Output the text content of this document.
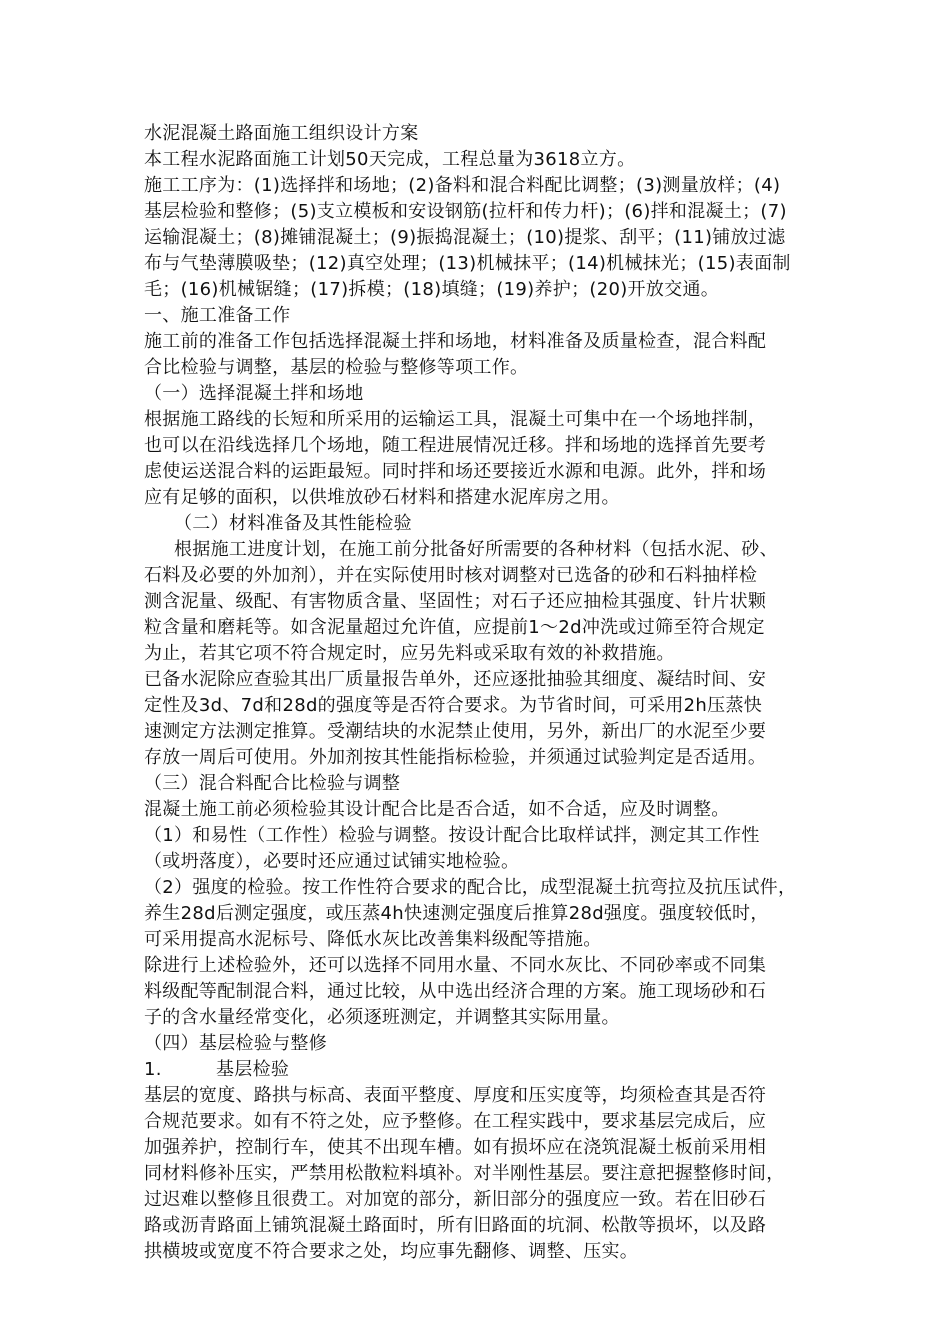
水泥混凝土路面施工组织设计方案
本工程水泥路面施工计划50天完成，工程总量为3618立方。
施工工序为：(1)选择拌和场地；(2)备料和混合料配比调整；(3)测量放样；(4)
基层检验和整修；(5)支立模板和安设钢筋(拉杆和传力杆)；(6)拌和混凝土；(7)
运输混凝土；(8)摊铺混凝土；(9)振捣混凝土；(10)提浆、刮平；(11)铺放过滤
布与气垫薄膜吸垫；(12)真空处理；(13)机械抹平；(14)机械抹光；(15)表面制
毛；(16)机械锯缝；(17)拆模；(18)填缝；(19)养护；(20)开放交通。
一、施工准备工作
施工前的准备工作包括选择混凝土拌和场地，材料准备及质量检查，混合料配
合比检验与调整，基层的检验与整修等项工作。
（一）选择混凝土拌和场地
根据施工路线的长短和所采用的运输运工具，混凝土可集中在一个场地拌制，
也可以在沿线选择几个场地，随工程进展情况迁移。拌和场地的选择首先要考
虑使运送混合料的运距最短。同时拌和场还要接近水源和电源。此外，拌和场
应有足够的面积，以供堆放砂石材料和搭建水泥库房之用。
（二）材料准备及其性能检验
根据施工进度计划，在施工前分批备好所需要的各种材料（包括水泥、砂、
石料及必要的外加剂），并在实际使用时核对调整对已选备的砂和石料抽样检
测含泥量、级配、有害物质含量、坚固性；对石子还应抽检其强度、针片状颗
粒含量和磨耗等。如含泥量超过允许值，应提前1～2d冲洗或过筛至符合规定
为止，若其它项不符合规定时，应另先料或采取有效的补救措施。
已备水泥除应查验其出厂质量报告单外，还应逐批抽验其细度、凝结时间、安
定性及3d、7d和28d的强度等是否符合要求。为节省时间，可采用2h压蒸快
速测定方法测定推算。受潮结块的水泥禁止使用，另外，新出厂的水泥至少要
存放一周后可使用。外加剂按其性能指标检验，并须通过试验判定是否适用。
（三）混合料配合比检验与调整
混凝土施工前必须检验其设计配合比是否合适，如不合适，应及时调整。
（1）和易性（工作性）检验与调整。按设计配合比取样试拌，测定其工作性
（或坍落度），必要时还应通过试铺实地检验。
（2）强度的检验。按工作性符合要求的配合比，成型混凝土抗弯拉及抗压试件，
养生28d后测定强度，或压蒸4h快速测定强度后推算28d强度。强度较低时，
可采用提高水泥标号、降低水灰比改善集料级配等措施。
除进行上述检验外，还可以选择不同用水量、不同水灰比、不同砂率或不同集
料级配等配制混合料，通过比较，从中选出经济合理的方案。施工现场砂和石
子的含水量经常变化，必须逐班测定，并调整其实际用量。
（四）基层检验与整修
1.	基层检验
基层的宽度、路拱与标高、表面平整度、厚度和压实度等，均须检查其是否符
合规范要求。如有不符之处，应予整修。在工程实践中，要求基层完成后，应
加强养护，控制行车，使其不出现车槽。如有损坏应在浇筑混凝土板前采用相
同材料修补压实，严禁用松散粒料填补。对半刚性基层。要注意把握整修时间，
过迟难以整修且很费工。对加宽的部分，新旧部分的强度应一致。若在旧砂石
路或沥青路面上铺筑混凝土路面时，所有旧路面的坑洞、松散等损坏，以及路
拱横坡或宽度不符合要求之处，均应事先翻修、调整、压实。
